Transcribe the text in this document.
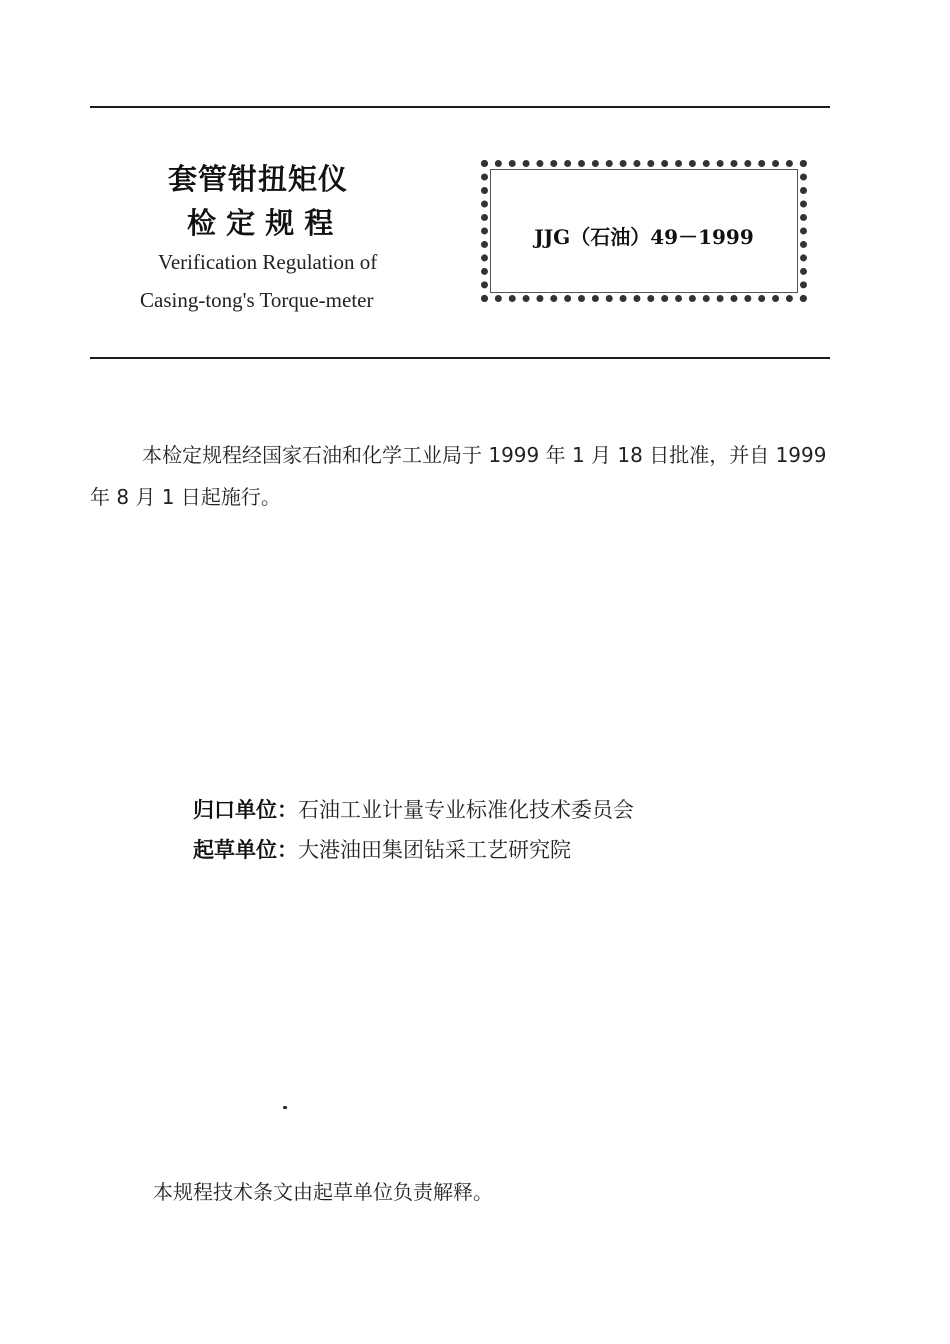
套管钳扭矩仪
检 定 规 程
Verification Regulation of
Casing-tong's Torque-meter
JJG（石油）49－1999
本检定规程经国家石油和化学工业局于 1999 年 1 月 18 日批准，并自 1999 年 8 月 1 日起施行。
归口单位：石油工业计量专业标准化技术委员会
起草单位：大港油田集团钻采工艺研究院
本规程技术条文由起草单位负责解释。
